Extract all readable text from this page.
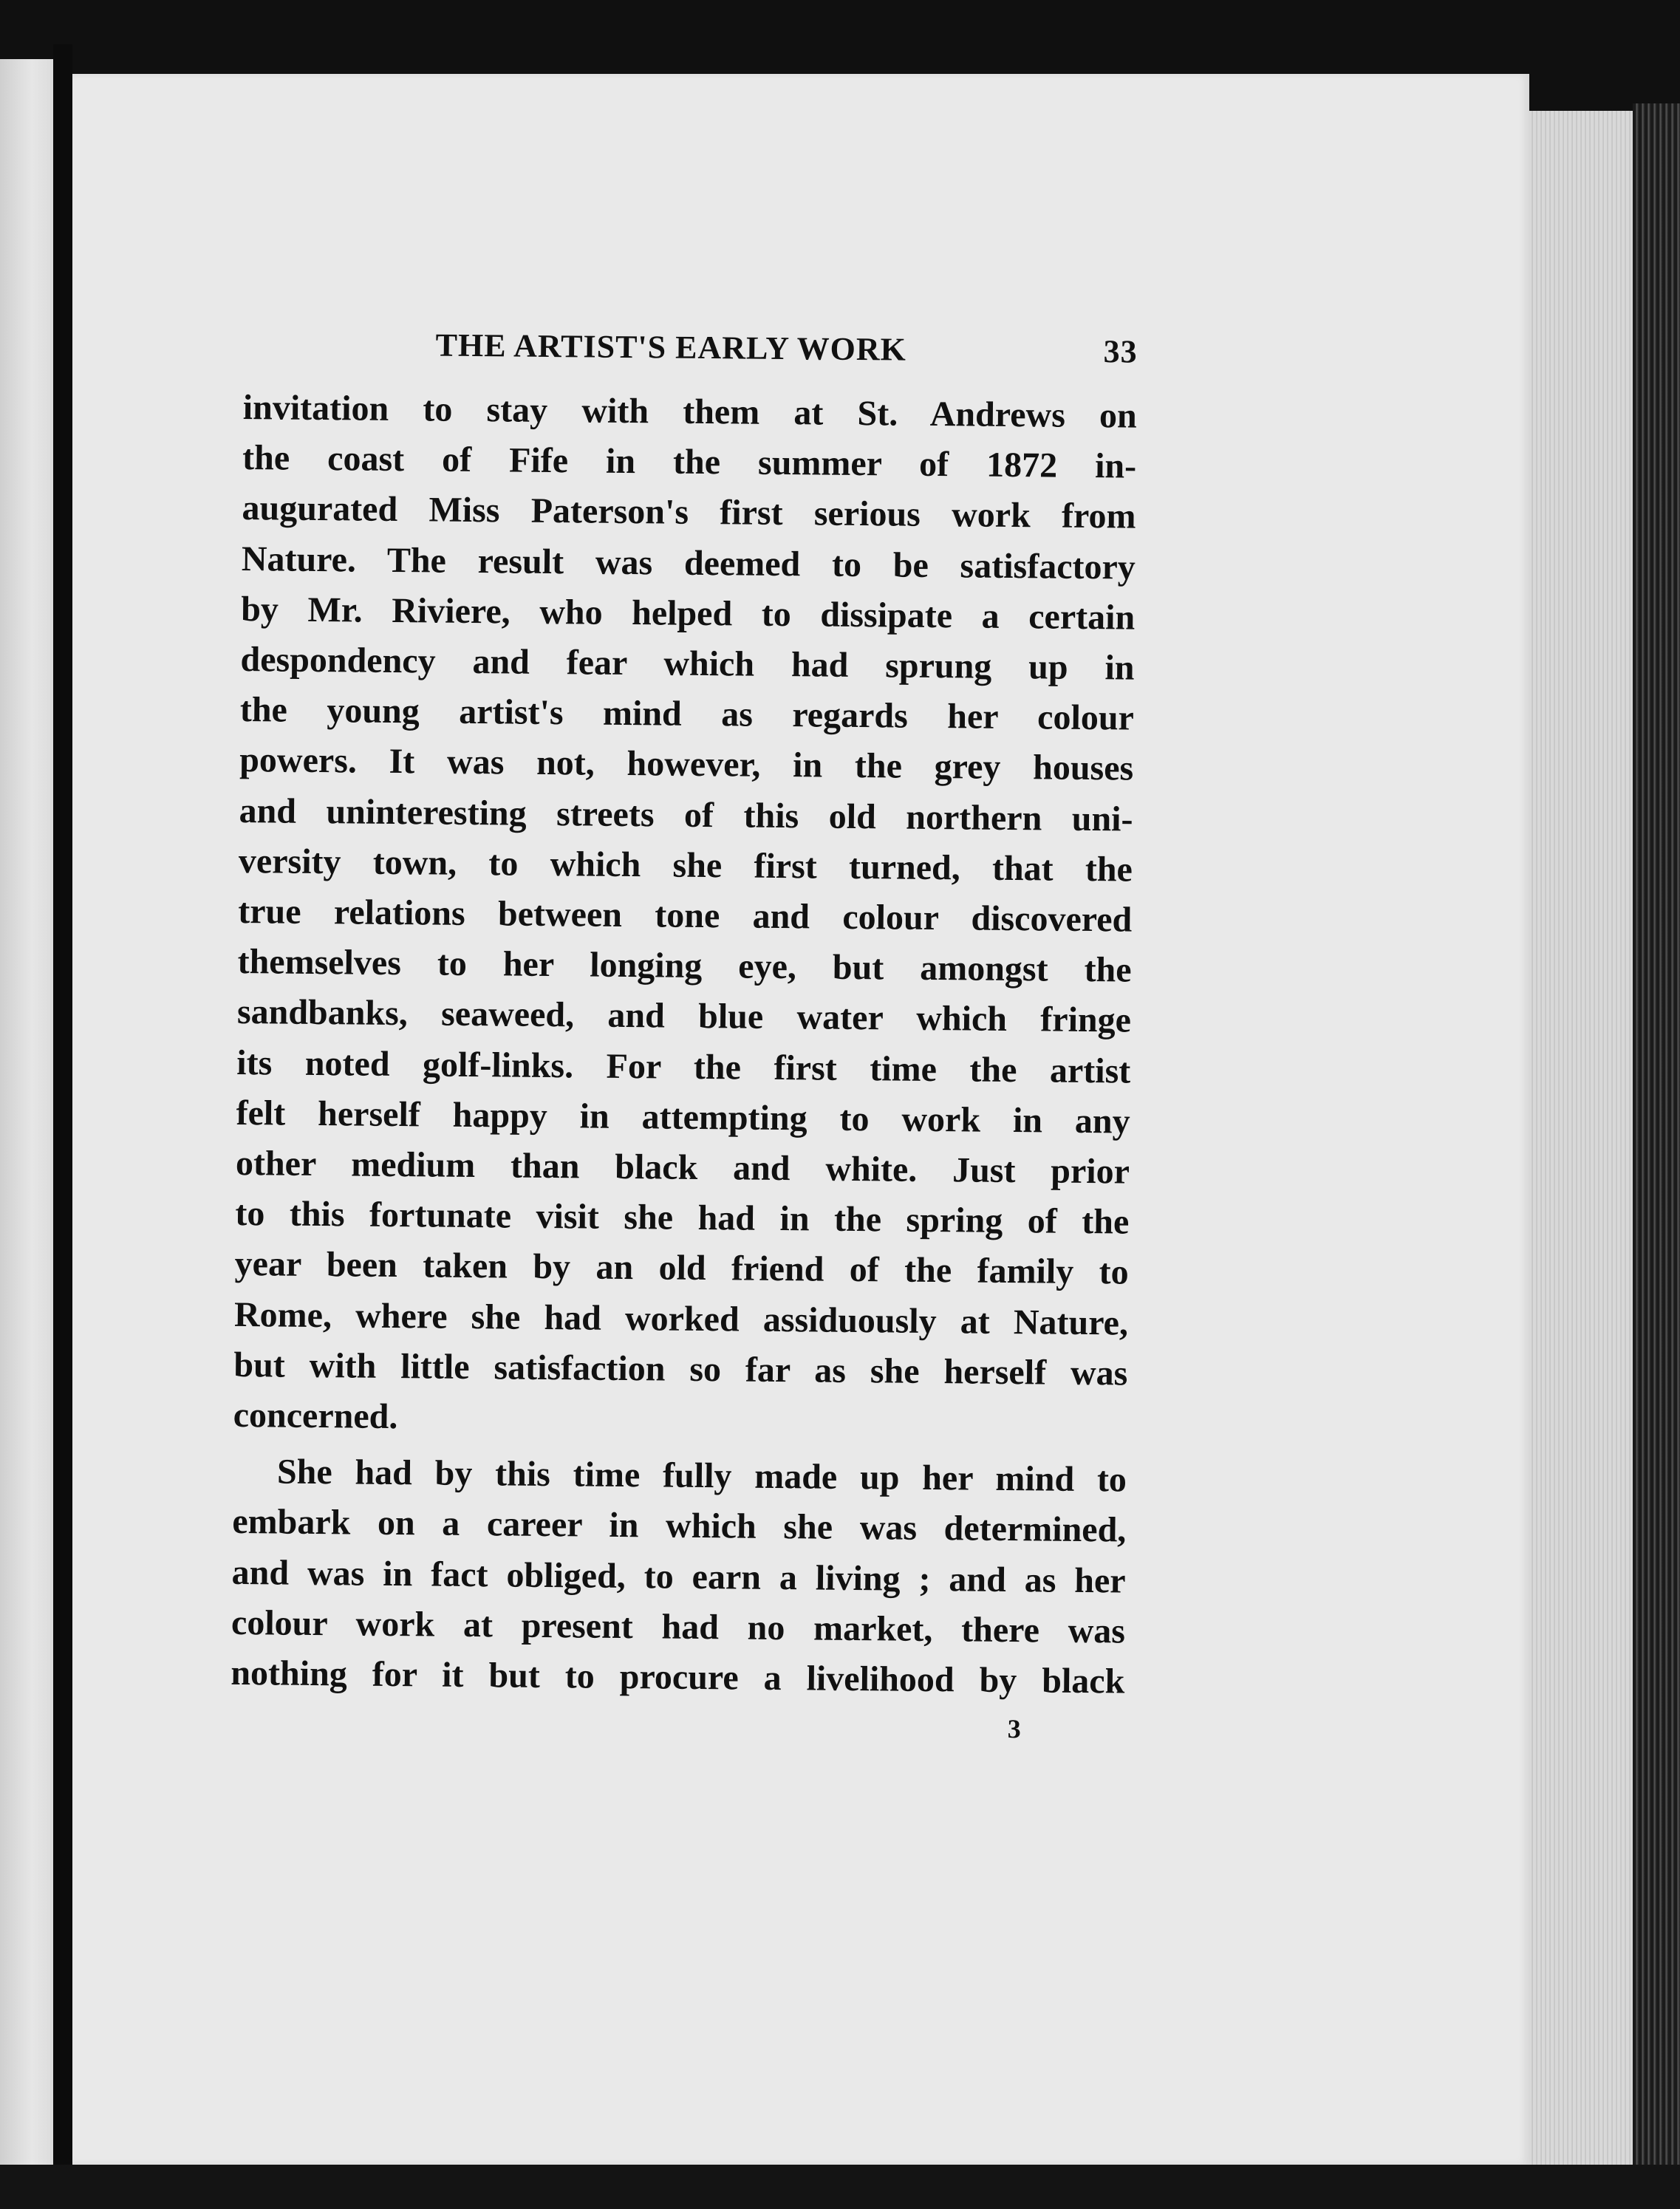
THE ARTIST'S EARLY WORK	33

invitation to stay with them at St. Andrews on
the coast of Fife in the summer of 1872 in-
augurated Miss Paterson's first serious work from
Nature. The result was deemed to be satisfactory
by Mr. Riviere, who helped to dissipate a certain
despondency and fear which had sprung up in
the young artist's mind as regards her colour
powers. It was not, however, in the grey houses
and uninteresting streets of this old northern uni-
versity town, to which she first turned, that the
true relations between tone and colour discovered
themselves to her longing eye, but amongst the
sandbanks, seaweed, and blue water which fringe
its noted golf-links. For the first time the artist
felt herself happy in attempting to work in any
other medium than black and white. Just prior
to this fortunate visit she had in the spring of the
year been taken by an old friend of the family to
Rome, where she had worked assiduously at Nature,
but with little satisfaction so far as she herself was
concerned.

She had by this time fully made up her mind to
embark on a career in which she was determined,
and was in fact obliged, to earn a living ; and as her
colour work at present had no market, there was
nothing for it but to procure a livelihood by black

3
